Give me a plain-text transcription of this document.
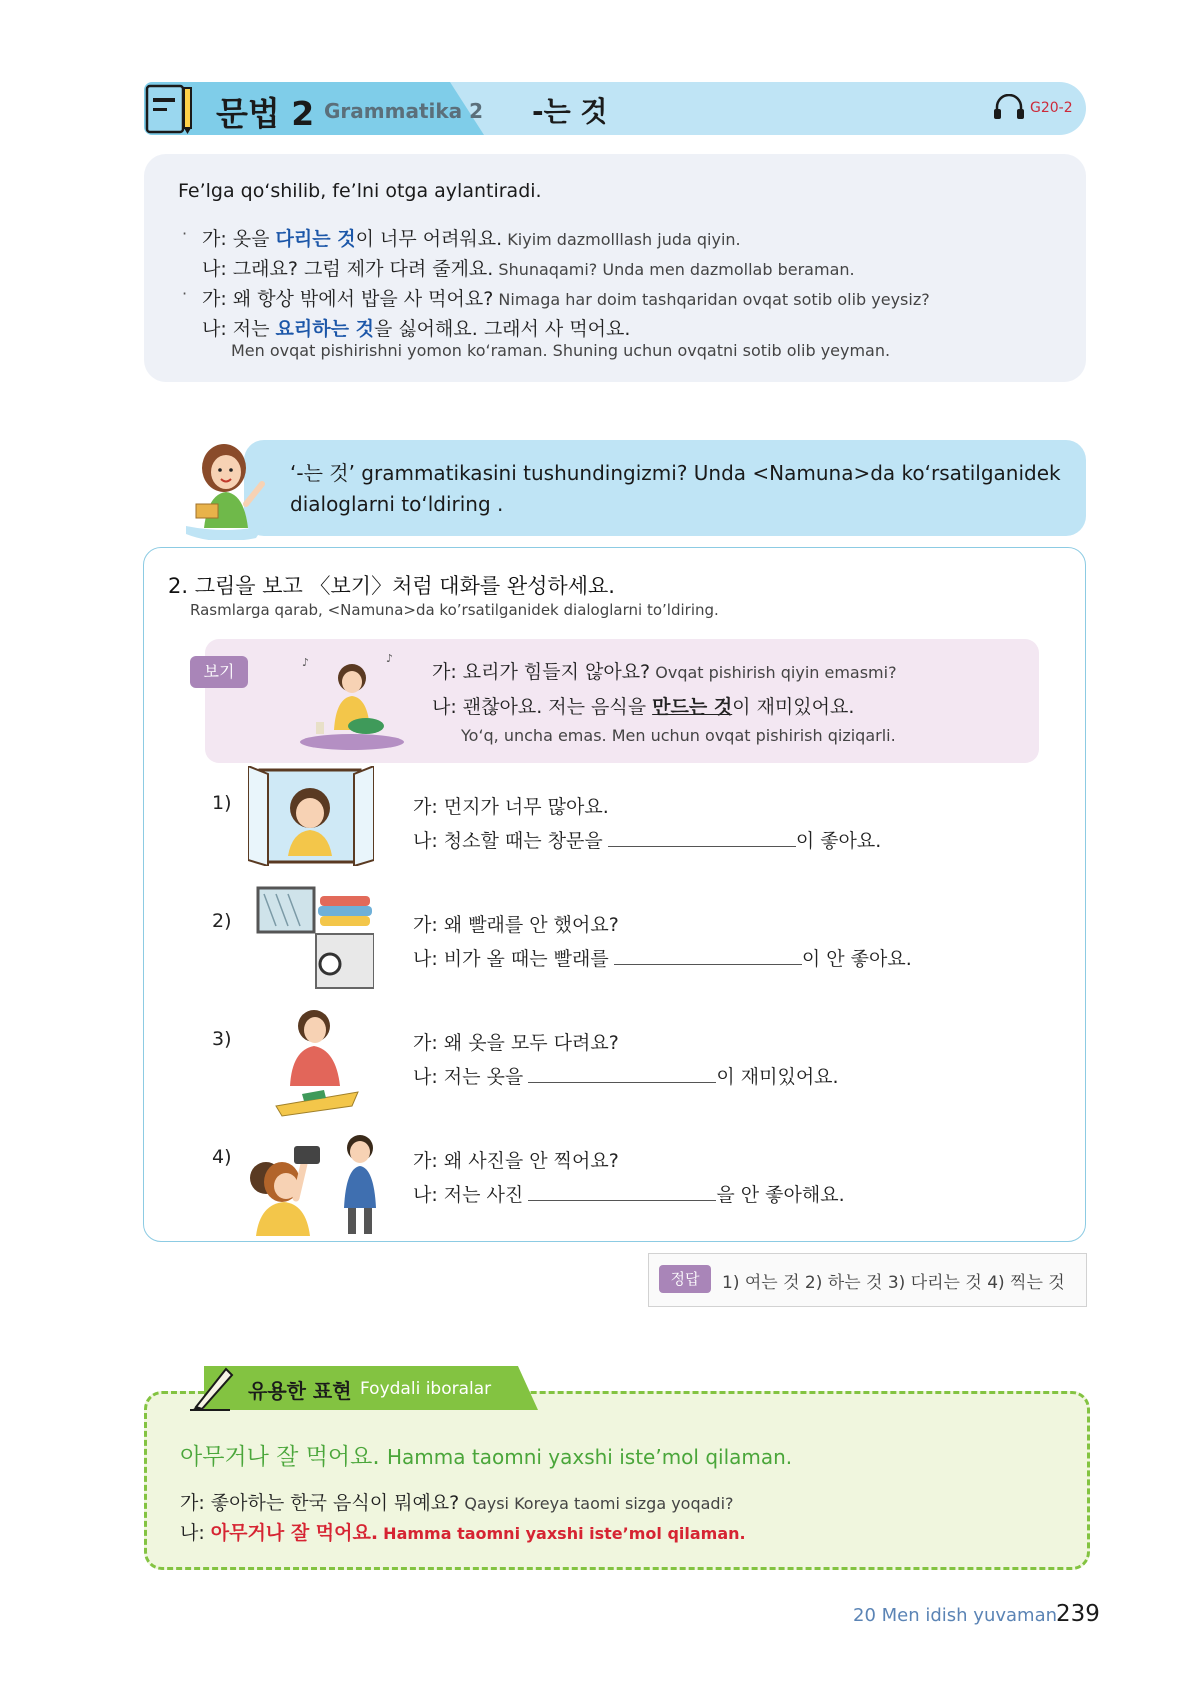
문법 2 Grammatika 2 -는 것	G20-2
Fe’lga qo‘shilib, fe’lni otga aylantiradi.
· 가: 옷을 다리는 것이 너무 어려워요. Kiyim dazmolllash juda qiyin.
나: 그래요? 그럼 제가 다려 줄게요. Shunaqami? Unda men dazmollab beraman.
· 가: 왜 항상 밖에서 밥을 사 먹어요? Nimaga har doim tashqaridan ovqat sotib olib yeysiz?
나: 저는 요리하는 것을 싫어해요. 그래서 사 먹어요.
Men ovqat pishirishni yomon ko‘raman. Shuning uchun ovqatni sotib olib yeyman.
‘-는 것’ grammatikasini tushundingizmi? Unda <Namuna>da ko‘rsatilganidek
dialoglarni to‘ldiring .
2. 그림을 보고 〈보기〉처럼 대화를 완성하세요.
Rasmlarga qarab, <Namuna>da ko’rsatilganidek dialoglarni to’ldiring.
보기	♪	♪
가: 요리가 힘들지 않아요? Ovqat pishirish qiyin emasmi?
나: 괜찮아요. 저는 음식을 만드는 것이 재미있어요.
Yo‘q, uncha emas. Men uchun ovqat pishirish qiziqarli.
1)	가: 먼지가 너무 많아요.
나: 청소할 때는 창문을	이 좋아요.
2)	가: 왜 빨래를 안 했어요?
나: 비가 올 때는 빨래를	이 안 좋아요.
3)	가: 왜 옷을 모두 다려요?
나: 저는 옷을	이 재미있어요.
4)	가: 왜 사진을 안 찍어요?
나: 저는 사진	을 안 좋아해요.
정답	1) 여는 것 2) 하는 것 3) 다리는 것 4) 찍는 것
유용한 표현 Foydali iboralar
아무거나 잘 먹어요. Hamma taomni yaxshi iste’mol qilaman.
가: 좋아하는 한국 음식이 뭐예요? Qaysi Koreya taomi sizga yoqadi?
나: 아무거나 잘 먹어요. Hamma taomni yaxshi iste’mol qilaman.
20 Men idish yuvaman
239
